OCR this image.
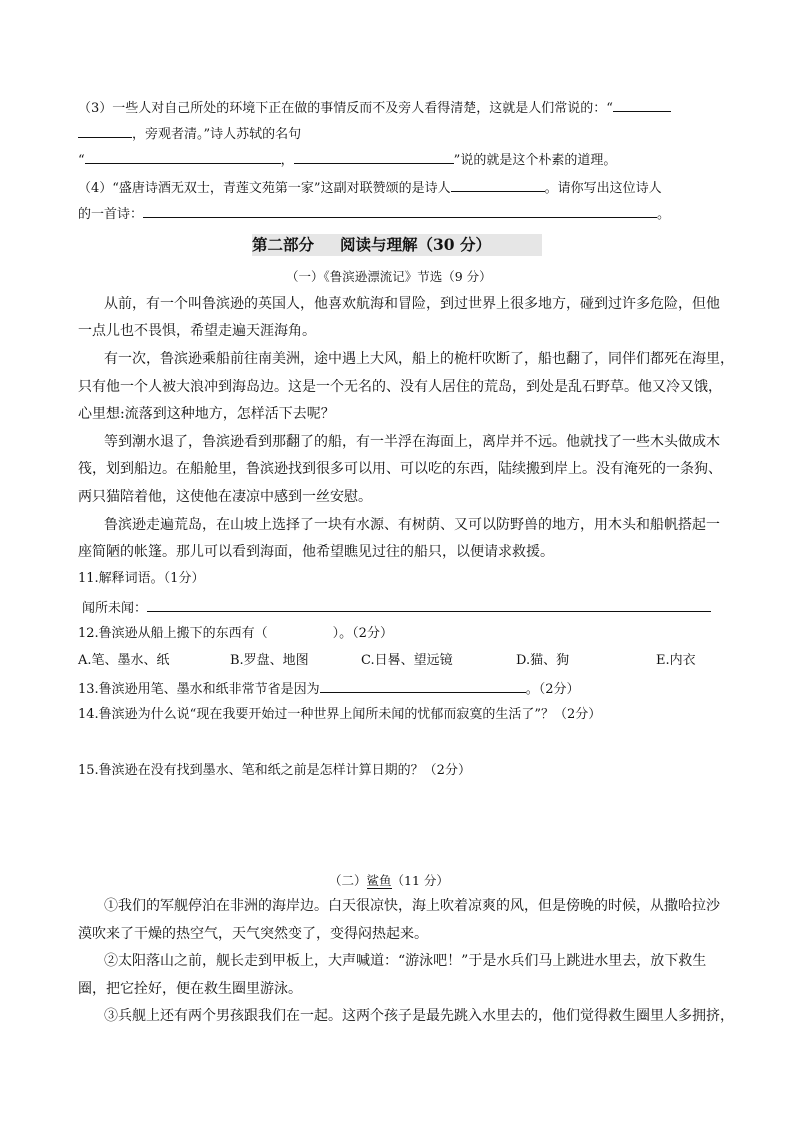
（3）一些人对自己所处的环境下正在做的事情反而不及旁人看得清楚，这就是人们常说的：“
，旁观者清。”诗人苏轼的名句
“	，	”说的就是这个朴素的道理。
（4）“盛唐诗酒无双士，青莲文苑第一家”这副对联赞颂的是诗人	。请你写出这位诗人
的一首诗：	。
第二部分 阅读与理解（30 分）
（一）《鲁滨逊漂流记》节选（9 分）
从前，有一个叫鲁滨逊的英国人，他喜欢航海和冒险，到过世界上很多地方，碰到过许多危险，但他
一点儿也不畏惧，希望走遍天涯海角。
有一次，鲁滨逊乘船前往南美洲，途中遇上大风，船上的桅杆吹断了，船也翻了，同伴们都死在海里，
只有他一个人被大浪冲到海岛边。这是一个无名的、没有人居住的荒岛，到处是乱石野草。他又冷又饿，
心里想:流落到这种地方，怎样活下去呢？
等到潮水退了，鲁滨逊看到那翻了的船，有一半浮在海面上，离岸并不远。他就找了一些木头做成木
筏，划到船边。在船舱里，鲁滨逊找到很多可以用、可以吃的东西，陆续搬到岸上。没有淹死的一条狗、
两只猫陪着他，这使他在凄凉中感到一丝安慰。
鲁滨逊走遍荒岛，在山坡上选择了一块有水源、有树荫、又可以防野兽的地方，用木头和船帆搭起一
座简陋的帐篷。那儿可以看到海面，他希望瞧见过往的船只，以便请求救援。
11.解释词语。（1分）
闻所未闻：
12.鲁滨逊从船上搬下的东西有（　　　　　）。（2分）
A.笔、墨水、纸	B.罗盘、地图	C.日晷、望远镜	D.猫、狗	E.内衣
13.鲁滨逊用笔、墨水和纸非常节省是因为	。（2分）
14.鲁滨逊为什么说“现在我要开始过一种世界上闻所未闻的忧郁而寂寞的生活了”？（2分）
15.鲁滨逊在没有找到墨水、笔和纸之前是怎样计算日期的？（2分）
（二）鲨鱼（11 分）
①我们的军舰停泊在非洲的海岸边。白天很凉快，海上吹着凉爽的风，但是傍晚的时候，从撒哈拉沙
漠吹来了干燥的热空气，天气突然变了，变得闷热起来。
②太阳落山之前，舰长走到甲板上，大声喊道：“游泳吧！”于是水兵们马上跳进水里去，放下救生
圈，把它拴好，便在救生圈里游泳。
③兵舰上还有两个男孩跟我们在一起。这两个孩子是最先跳入水里去的，他们觉得救生圈里人多拥挤，
